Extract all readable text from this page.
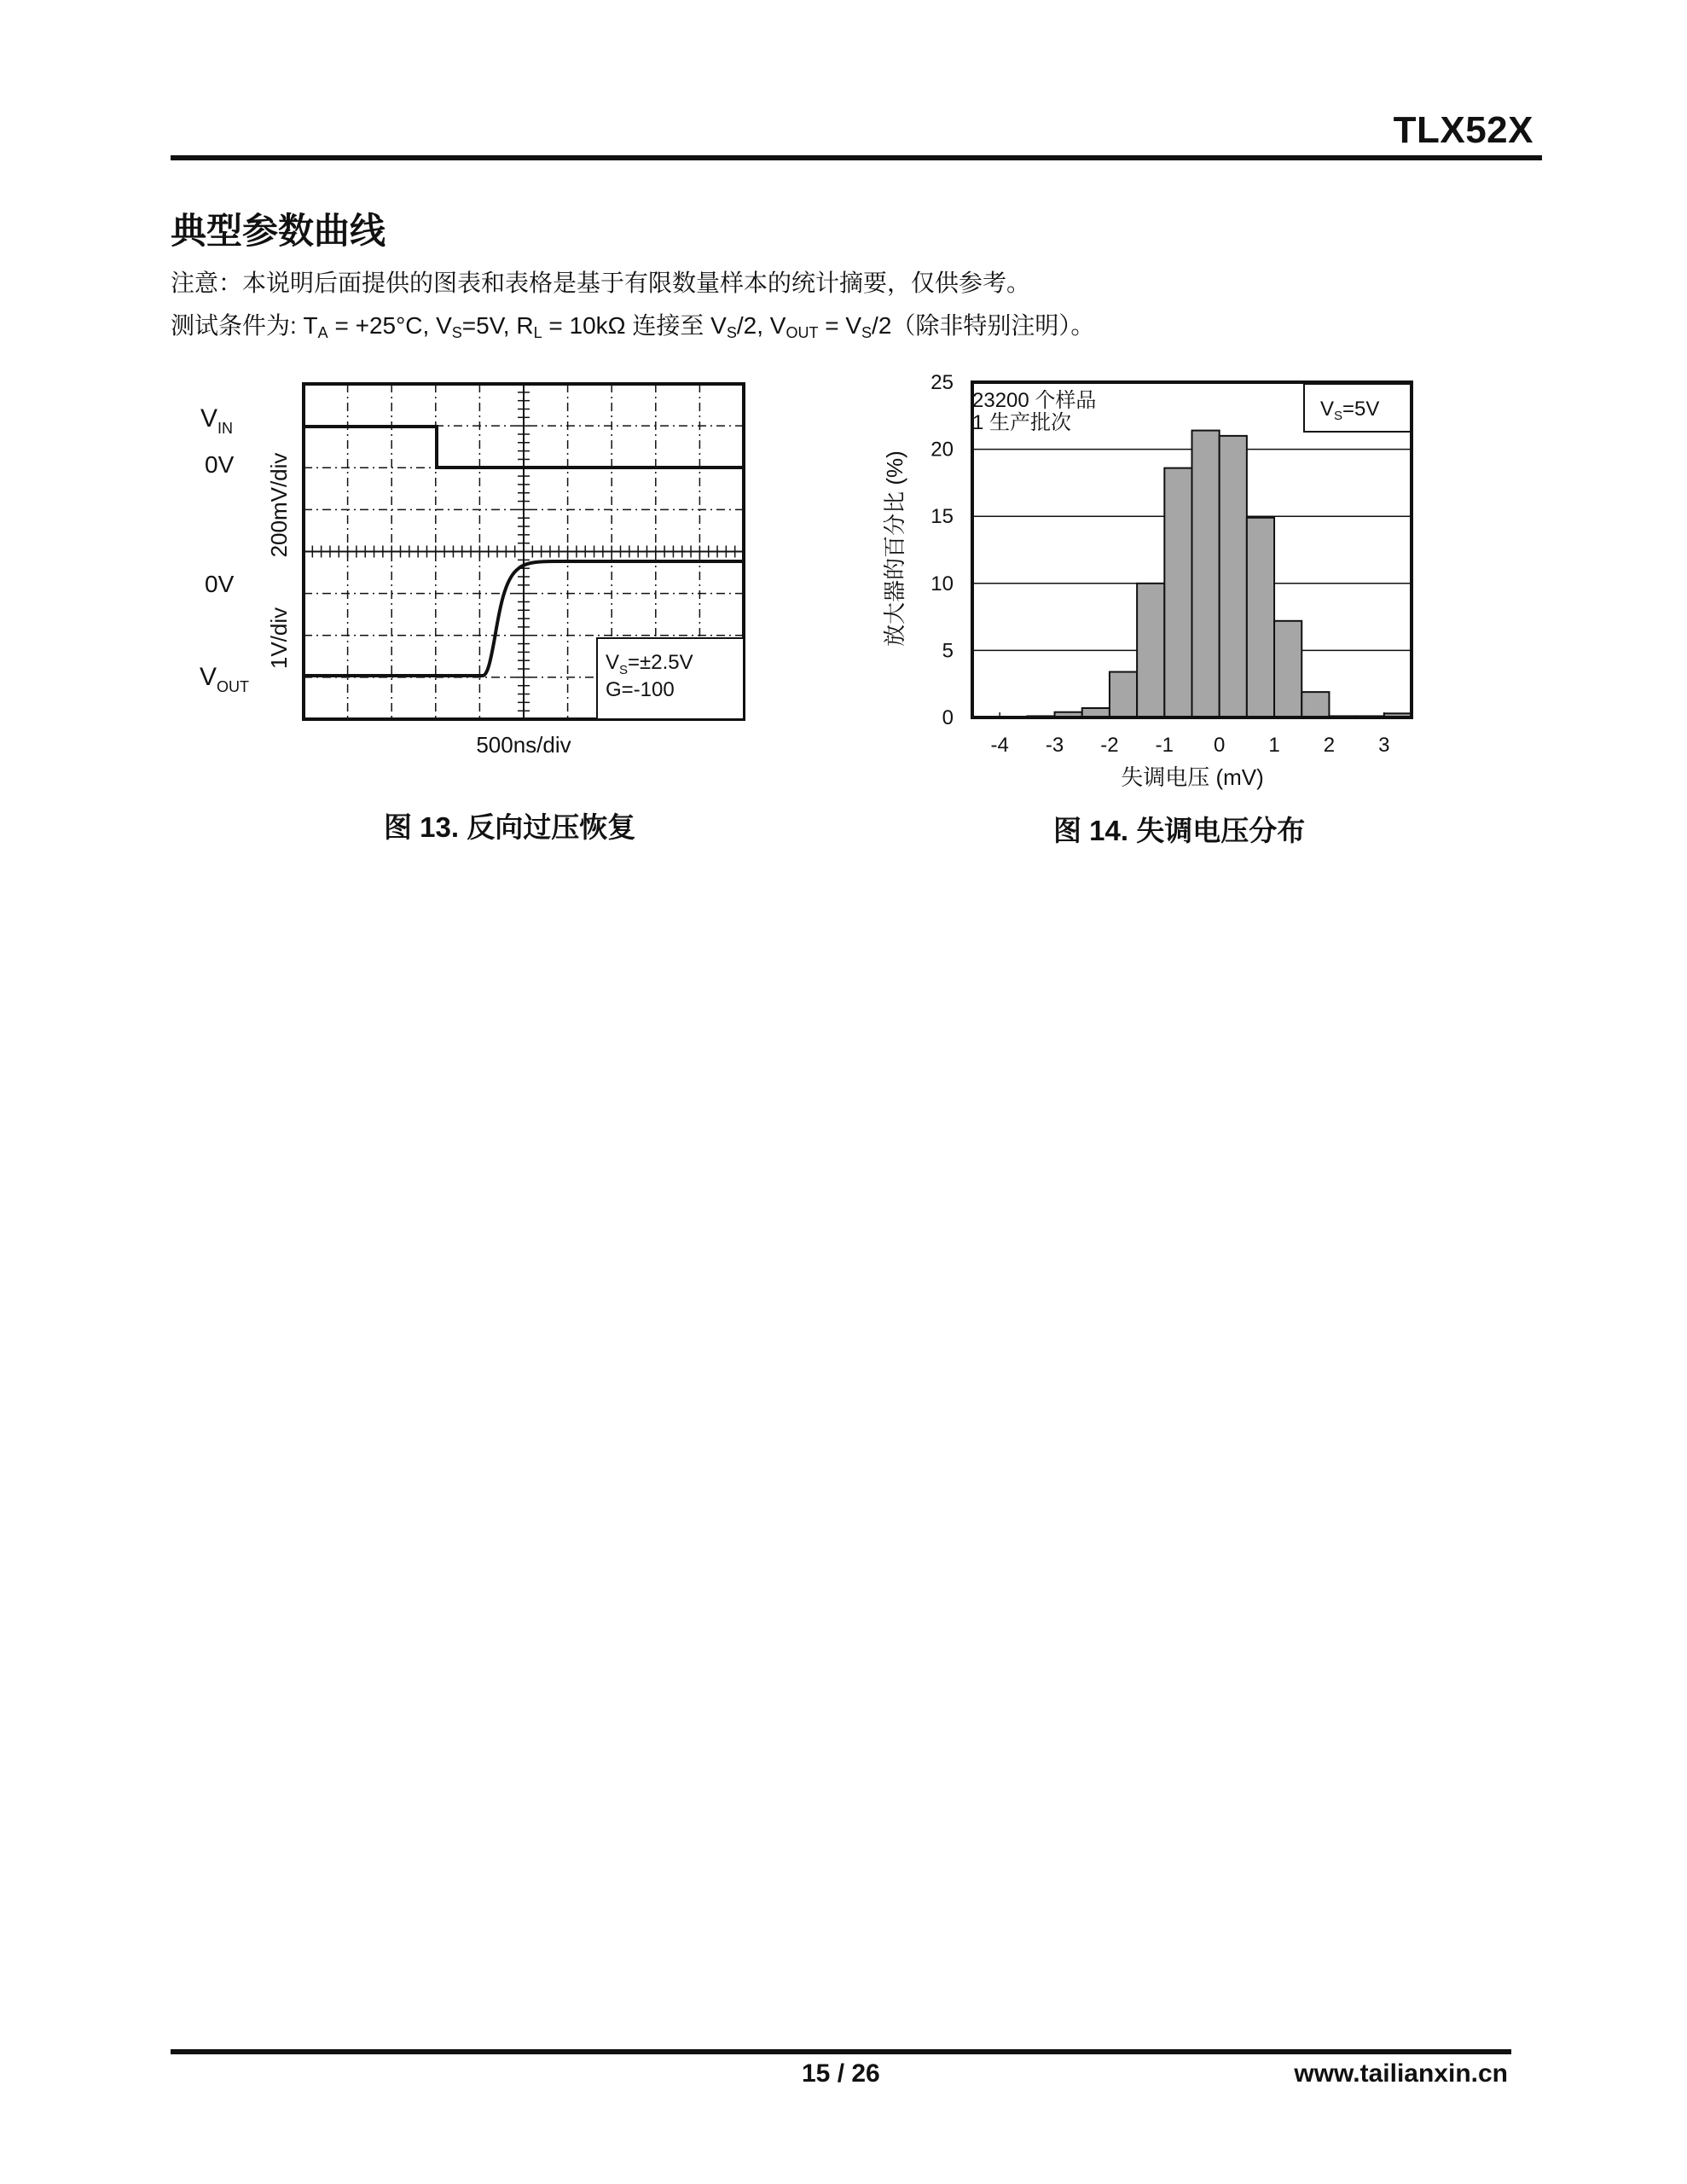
TLX52X
典型参数曲线
注意：本说明后面提供的图表和表格是基于有限数量样本的统计摘要，仅供参考。
测试条件为: TA = +25°C, VS=5V, RL = 10kΩ 连接至 VS/2, VOUT = VS/2（除非特别注明）。
$V_S=\pm 2.5V$
G=-100
$V_{IN}$
0V
0V
$V_{OUT}$
200mV/div
1V/div
500ns/div
0
5
10
15
20
25
-4 -3 -2 -1 0 1 2 3
23200 个样品
1 生产批次
$V_S=5V$
失调电压 (mV)
放大器的百分比 (%)
图 13. 反向过压恢复	图 14. 失调电压分布
15 / 26	www.tailianxin.cn
